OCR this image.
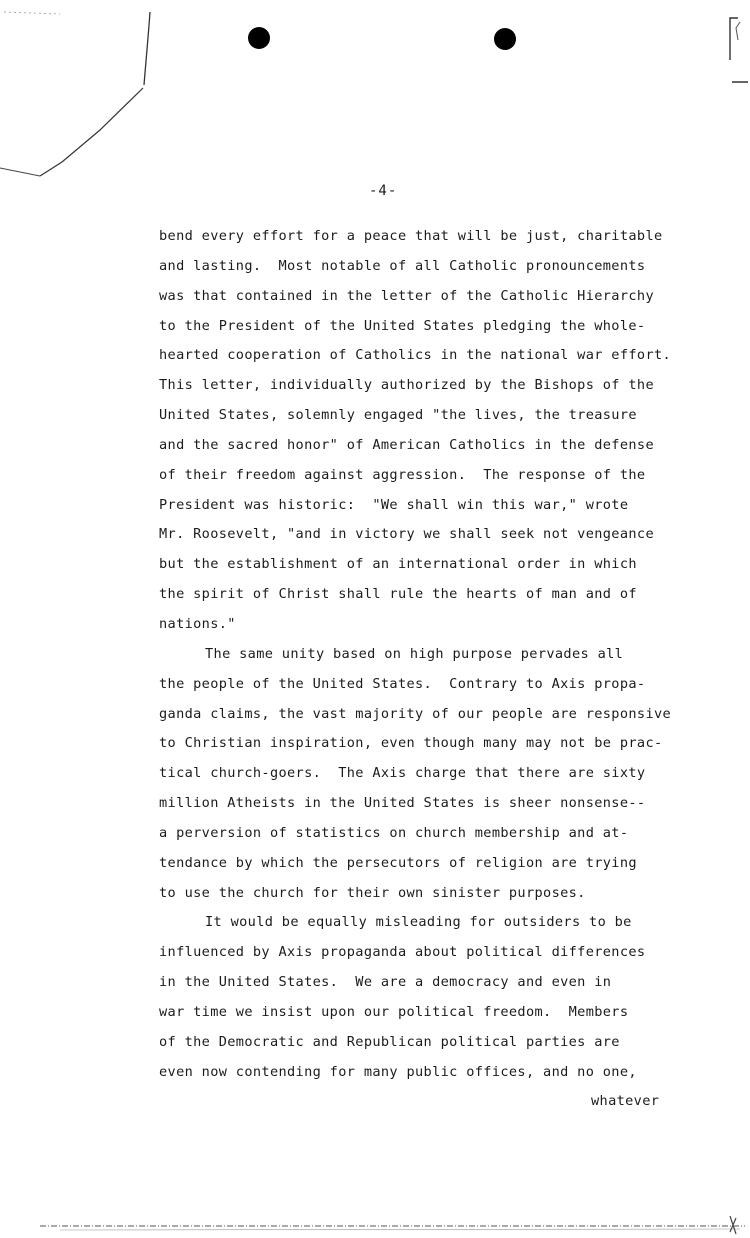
-4-
bend every effort for a peace that will be just, charitable
and lasting.  Most notable of all Catholic pronouncements
was that contained in the letter of the Catholic Hierarchy
to the President of the United States pledging the whole-
hearted cooperation of Catholics in the national war effort.
This letter, individually authorized by the Bishops of the
United States, solemnly engaged "the lives, the treasure
and the sacred honor" of American Catholics in the defense
of their freedom against aggression.  The response of the
President was historic:  "We shall win this war," wrote
Mr. Roosevelt, "and in victory we shall seek not vengeance
but the establishment of an international order in which
the spirit of Christ shall rule the hearts of man and of
nations."
The same unity based on high purpose pervades all
the people of the United States.  Contrary to Axis propa-
ganda claims, the vast majority of our people are responsive
to Christian inspiration, even though many may not be prac-
tical church-goers.  The Axis charge that there are sixty
million Atheists in the United States is sheer nonsense--
a perversion of statistics on church membership and at-
tendance by which the persecutors of religion are trying
to use the church for their own sinister purposes.
It would be equally misleading for outsiders to be
influenced by Axis propaganda about political differences
in the United States.  We are a democracy and even in
war time we insist upon our political freedom.  Members
of the Democratic and Republican political parties are
even now contending for many public offices, and no one,
whatever
